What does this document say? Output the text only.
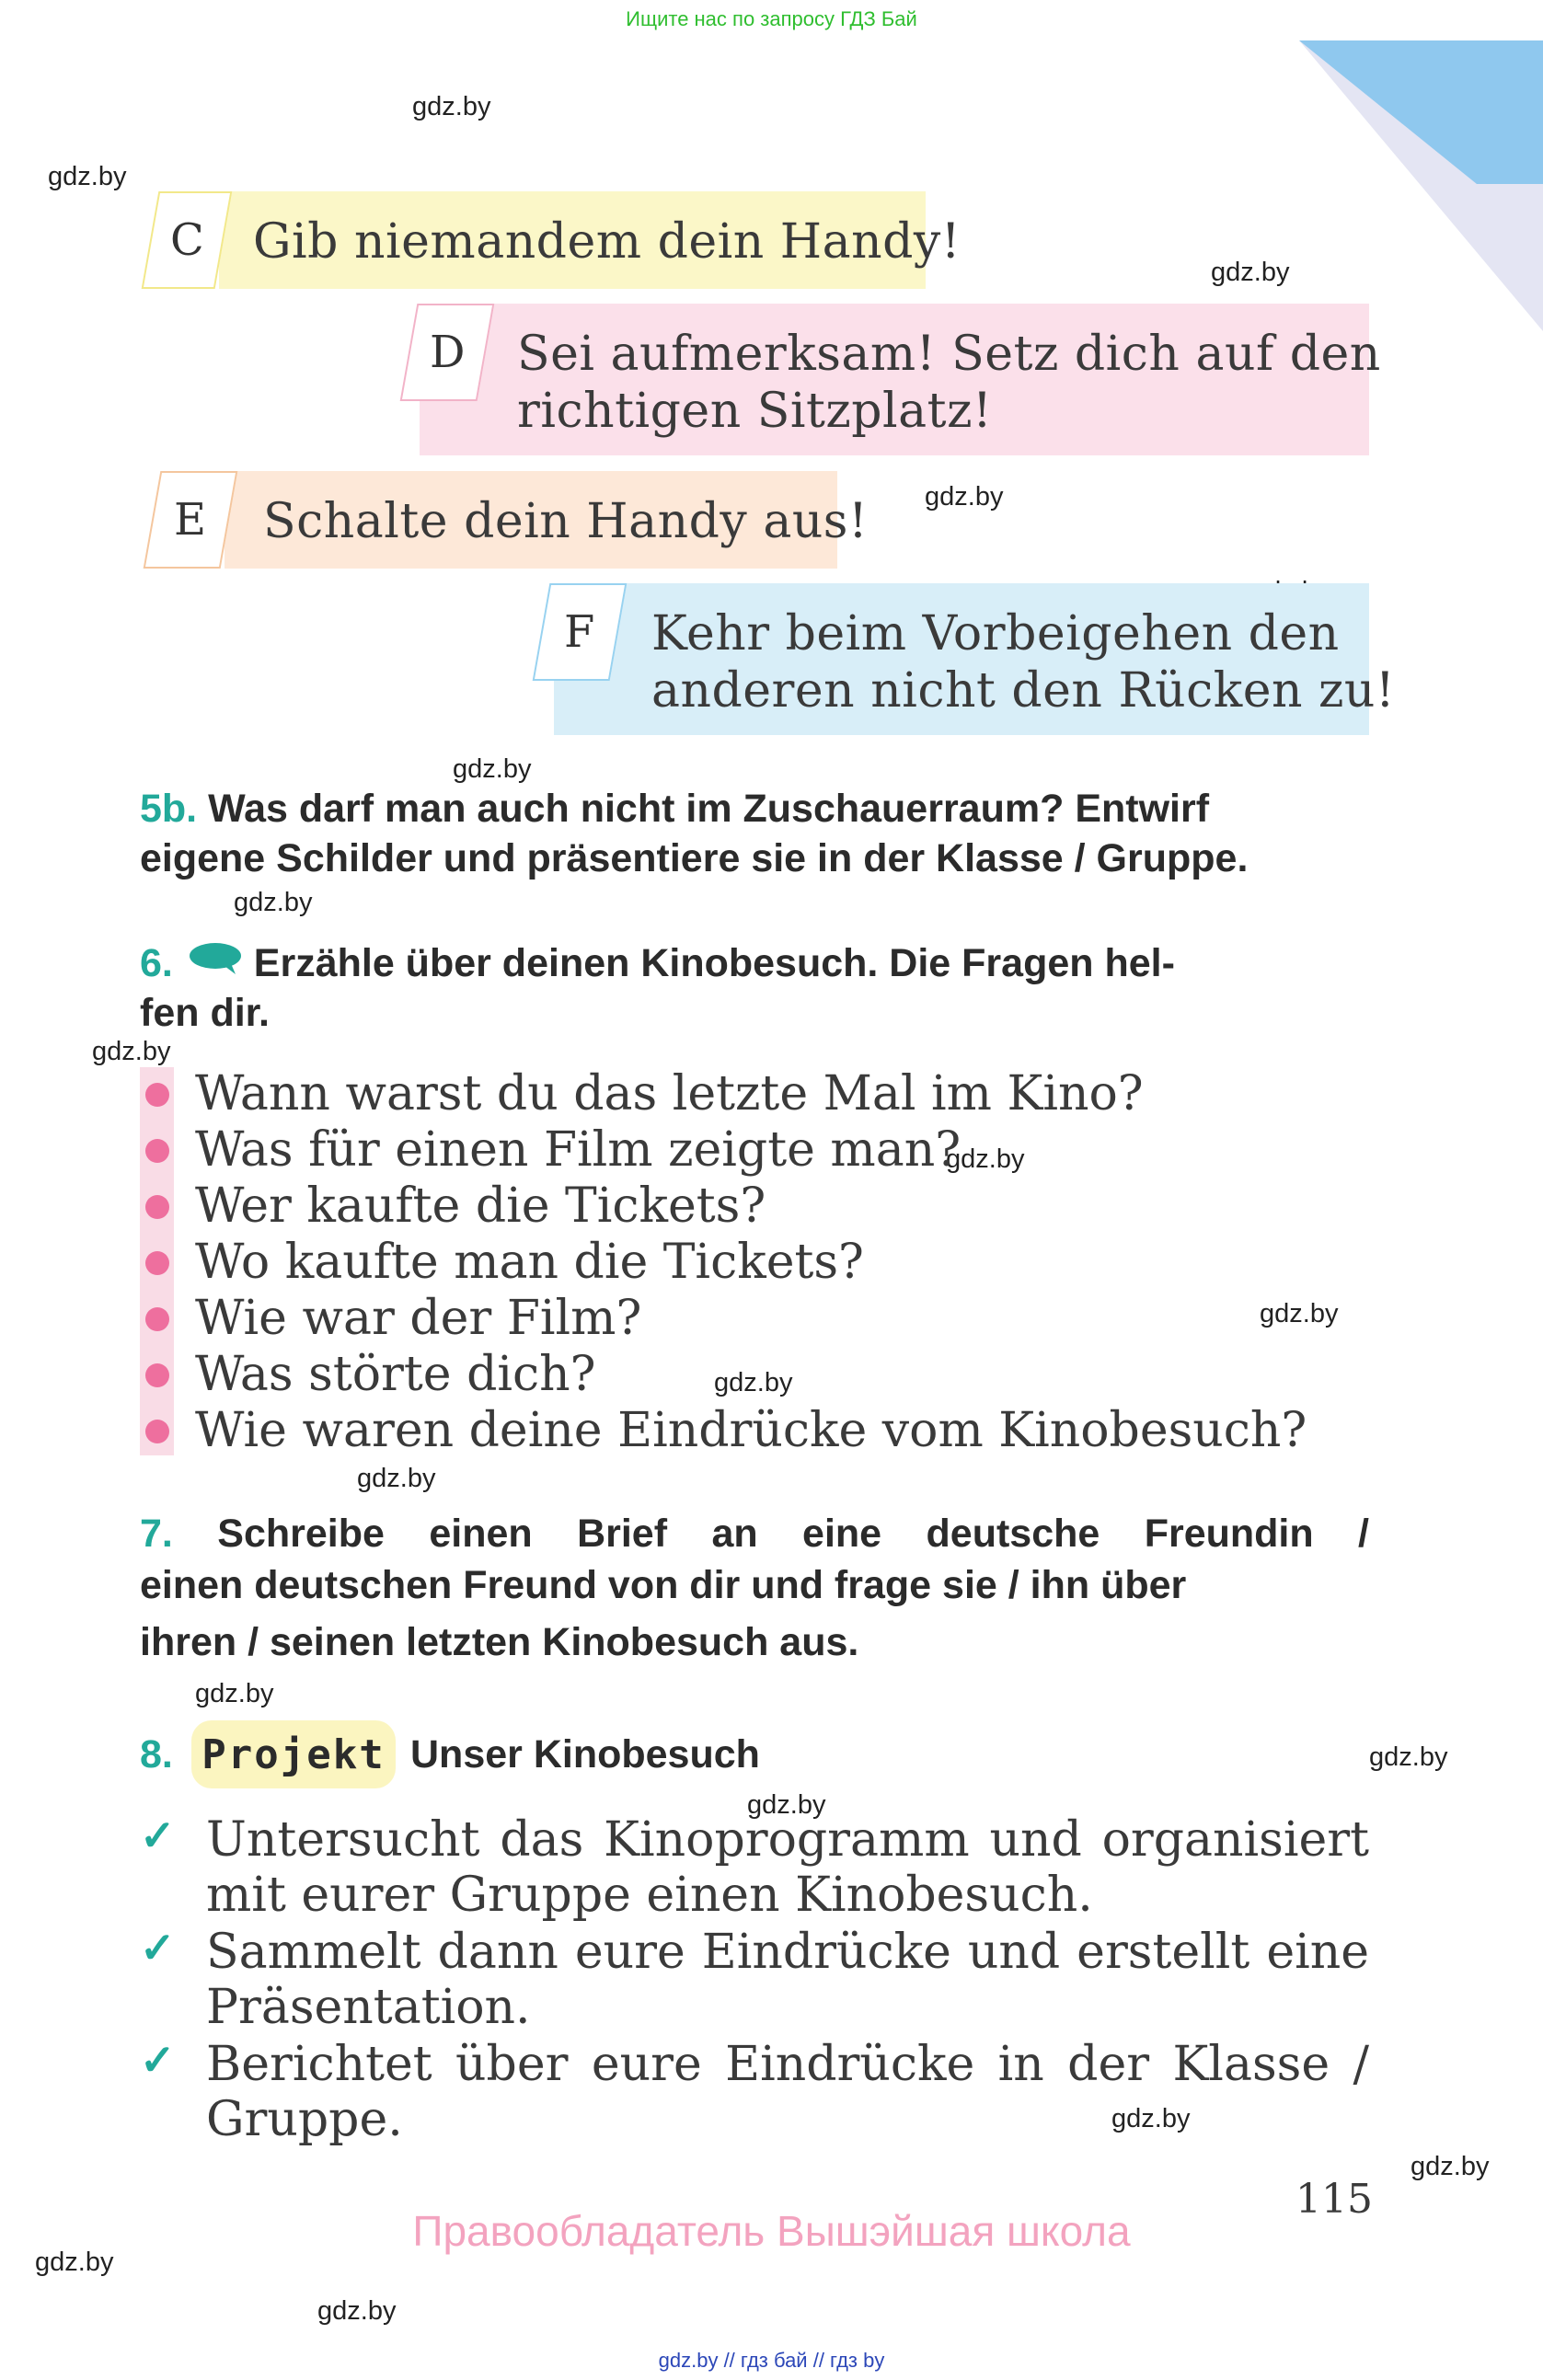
Ищите нас по запросу ГДЗ Бай
gdz.by
gdz.by
gdz.by
gdz.by
gdz.by
gdz.by
gdz.by
gdz.by
gdz.by
gdz.by
gdz.by
gdz.by
gdz.by
gdz.by
gdz.by
gdz.by
gdz.by
gdz.by
C Gib niemandem dein Handy!
D Sei aufmerksam! Setz dich auf den
richtigen Sitzplatz!
E Schalte dein Handy aus!
F Kehr beim Vorbeigehen den
anderen nicht den Rücken zu!
5b. Was darf man auch nicht im Zuschauerraum? Entwirf
eigene Schilder und präsentiere sie in der Klasse / Gruppe.
6. Erzähle über deinen Kinobesuch. Die Fragen hel-
fen dir.
Wann warst du das letzte Mal im Kino?
Was für einen Film zeigte man?
Wer kaufte die Tickets?
Wo kaufte man die Tickets?
Wie war der Film?
Was störte dich?
Wie waren deine Eindrücke vom Kinobesuch?
7. Schreibe einen Brief an eine deutsche Freundin /
einen deutschen Freund von dir und frage sie / ihn über
ihren / seinen letzten Kinobesuch aus.
8. Projekt Unser Kinobesuch
✓ Untersucht das Kinoprogramm und organisiert
mit eurer Gruppe einen Kinobesuch.
✓ Sammelt dann eure Eindrücke und erstellt eine
Präsentation.
✓ Berichtet über eure Eindrücke in der Klasse /
Gruppe.
115
Правообладатель Вышэйшая школа
gdz.by // гдз бай // гдз by
